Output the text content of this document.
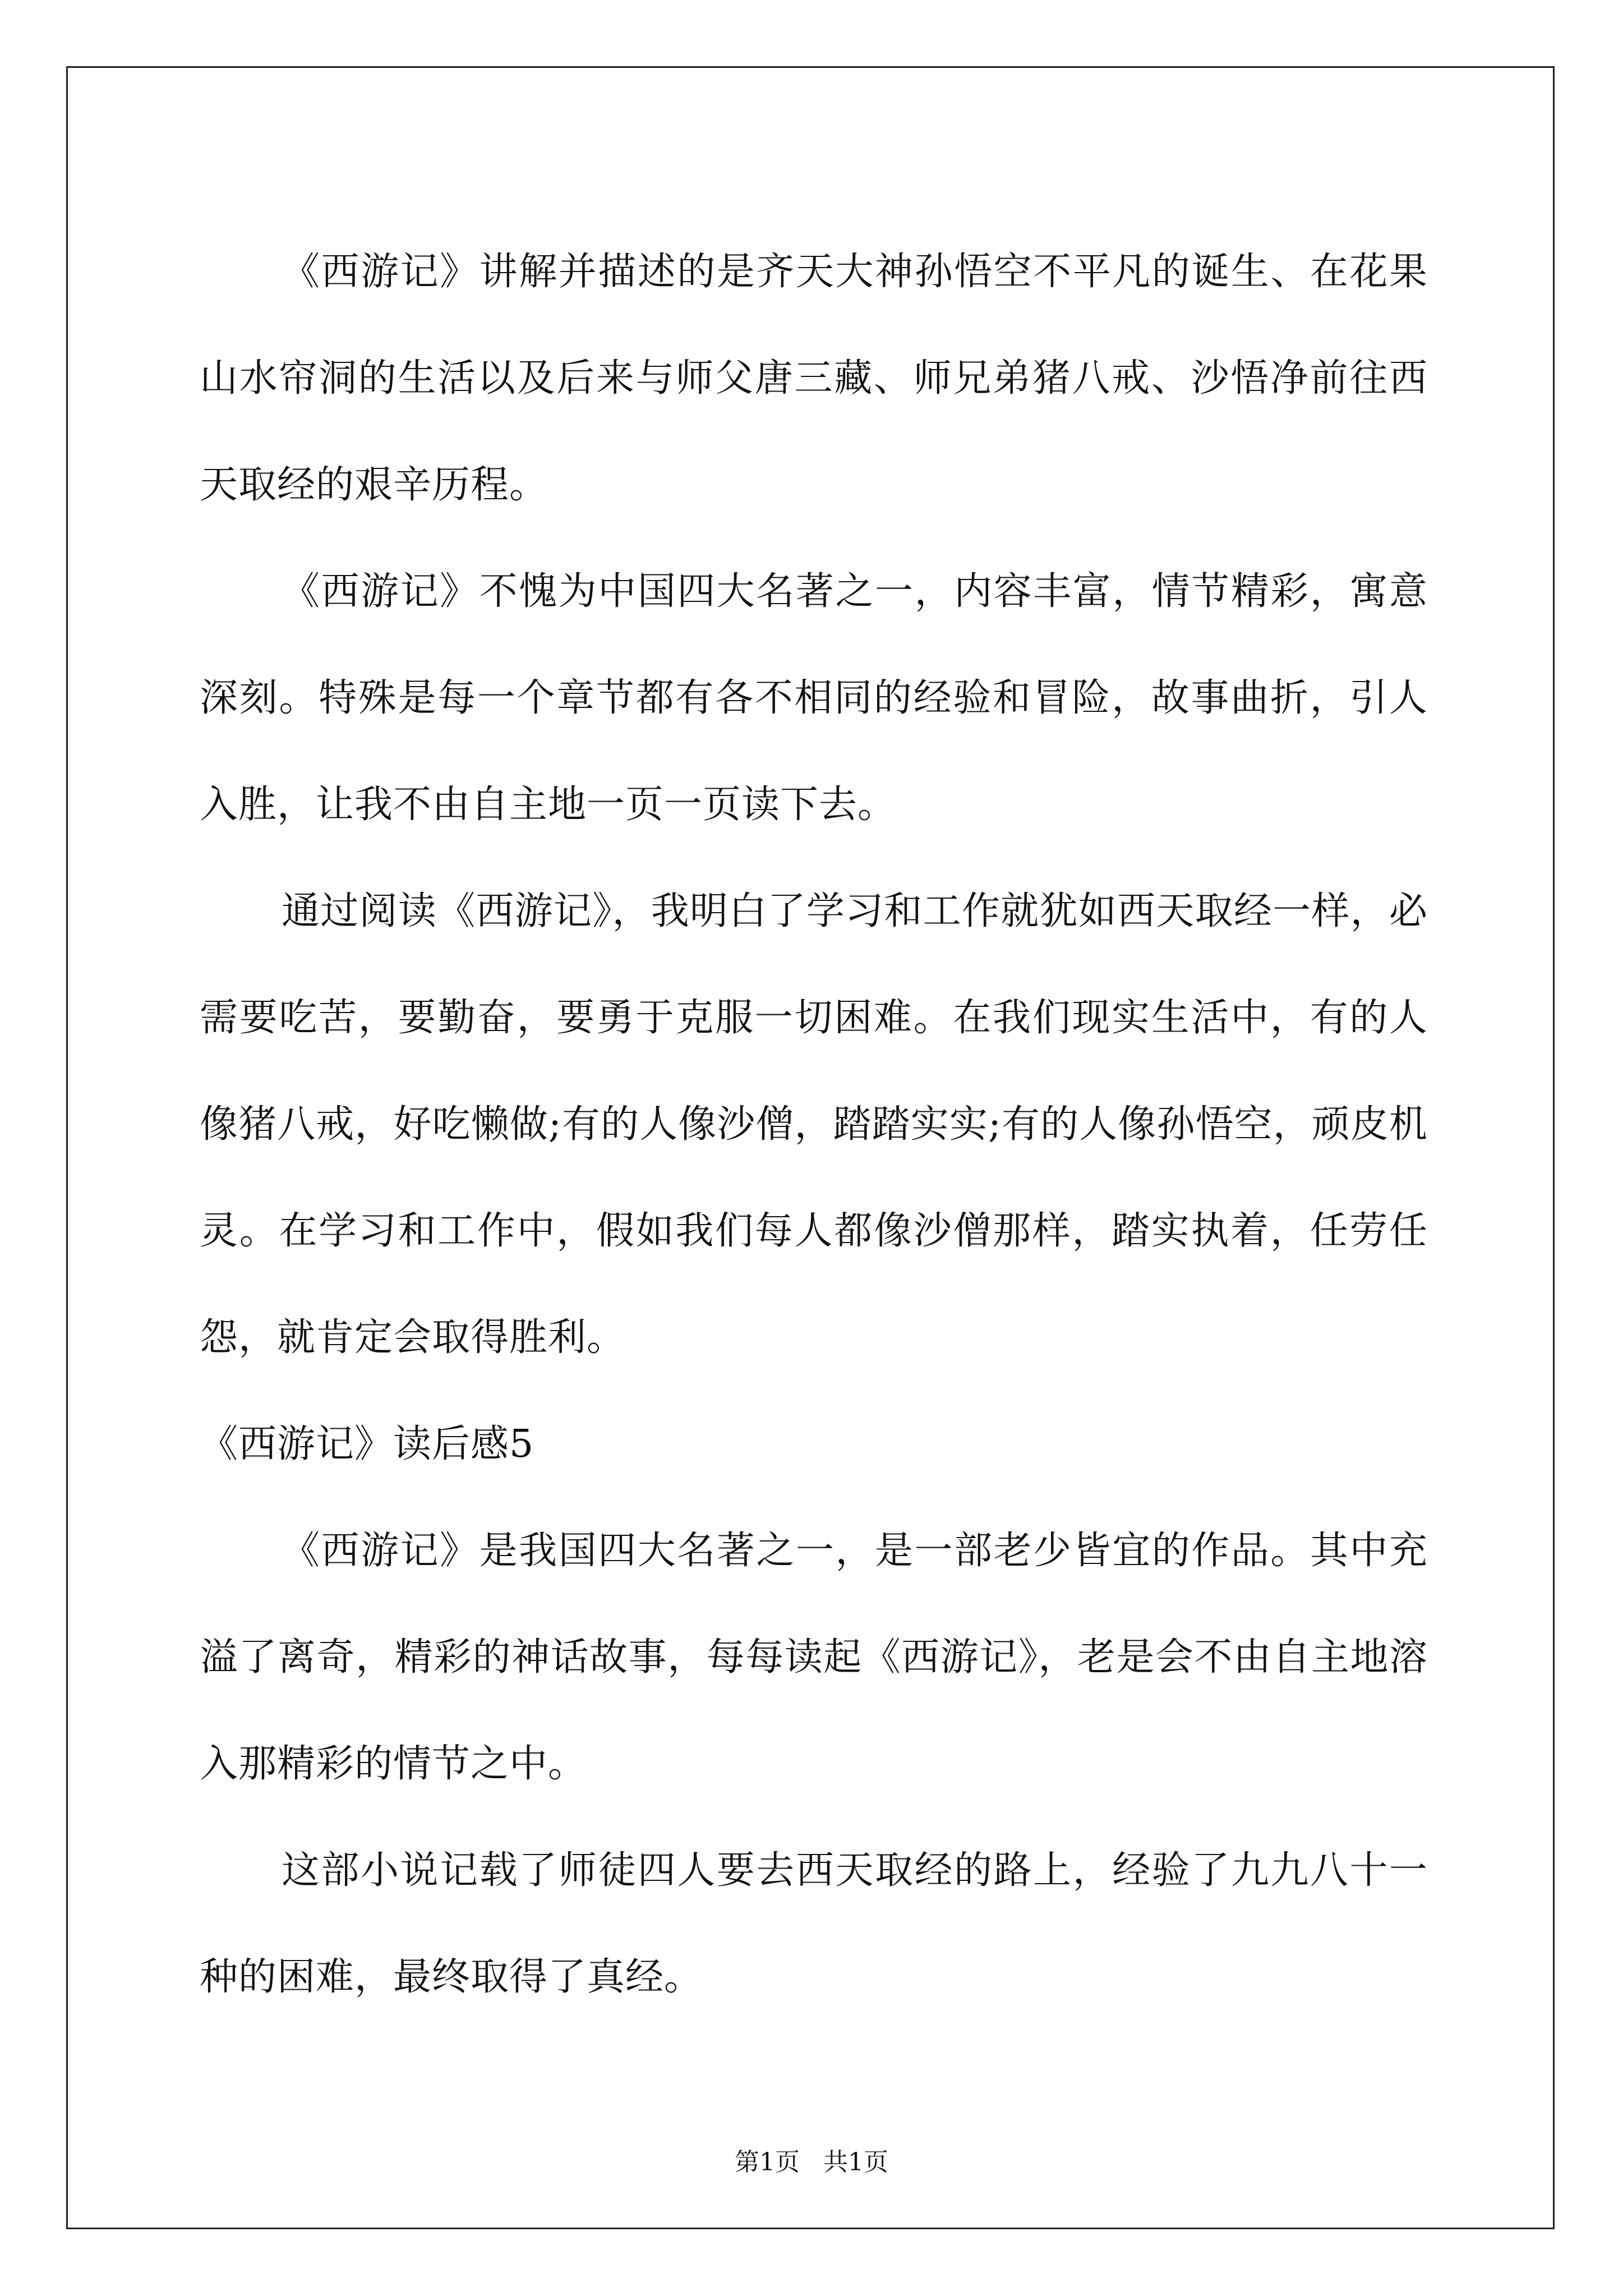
《西游记》讲解并描述的是齐天大神孙悟空不平凡的诞生、在花果山水帘洞的生活以及后来与师父唐三藏、师兄弟猪八戒、沙悟净前往西天取经的艰辛历程。

《西游记》不愧为中国四大名著之一，内容丰富，情节精彩，寓意深刻。特殊是每一个章节都有各不相同的经验和冒险，故事曲折，引人入胜，让我不由自主地一页一页读下去。

通过阅读《西游记》，我明白了学习和工作就犹如西天取经一样，必需要吃苦，要勤奋，要勇于克服一切困难。在我们现实生活中，有的人像猪八戒，好吃懒做;有的人像沙僧，踏踏实实;有的人像孙悟空，顽皮机灵。在学习和工作中，假如我们每人都像沙僧那样，踏实执着，任劳任怨，就肯定会取得胜利。

《西游记》读后感5

《西游记》是我国四大名著之一，是一部老少皆宜的作品。其中充溢了离奇，精彩的神话故事，每每读起《西游记》，老是会不由自主地溶入那精彩的情节之中。

这部小说记载了师徒四人要去西天取经的路上，经验了九九八十一种的困难，最终取得了真经。

第1页 共1页
